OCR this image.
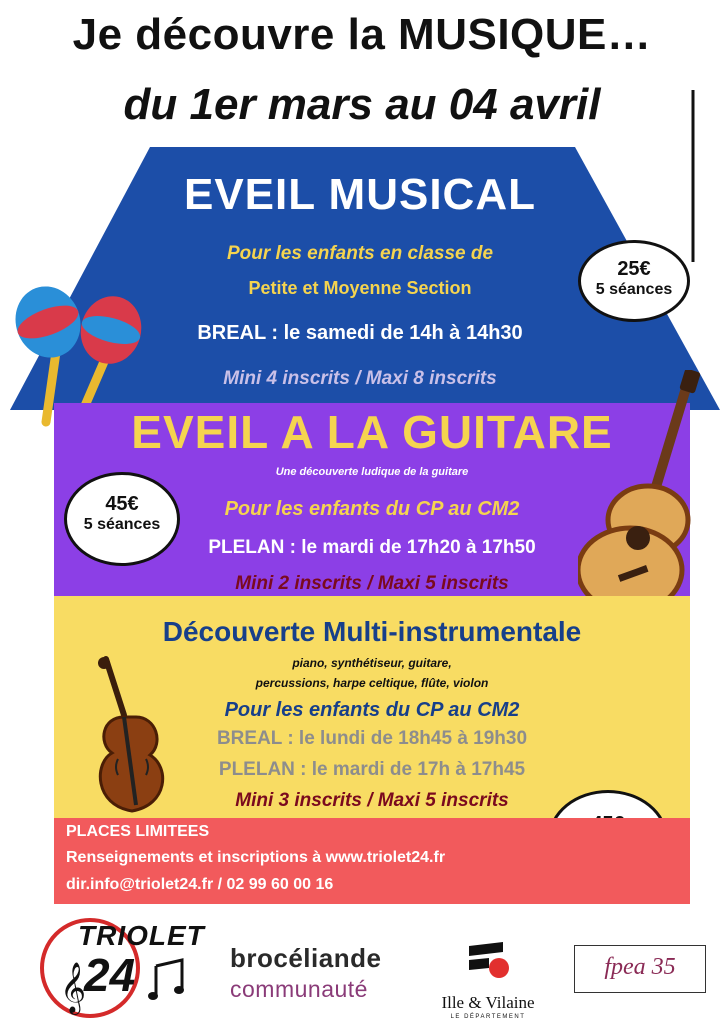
Je découvre la MUSIQUE…
du 1er mars au 04 avril
EVEIL MUSICAL
Pour les enfants en classe de
Petite et Moyenne Section
BREAL : le samedi de 14h à 14h30
Mini 4 inscrits / Maxi 8 inscrits
25€
5 séances
EVEIL A LA GUITARE
Une découverte ludique de la guitare
Pour les enfants du CP au CM2
PLELAN : le mardi de 17h20 à 17h50
Mini 2 inscrits / Maxi 5 inscrits
45€
5 séances
Découverte Multi-instrumentale
piano, synthétiseur, guitare,
percussions, harpe celtique, flûte, violon
Pour les enfants du CP au CM2
BREAL : le lundi de 18h45 à 19h30
PLELAN : le mardi de 17h à 17h45
Mini 3 inscrits / Maxi 5 inscrits
PLACES LIMITEES
Renseignements et inscriptions à www.triolet24.fr
dir.info@triolet24.fr / 02 99 60 00 16
𝄞
TRIOLET
24	brocéliande
communauté
Ille & Vilaine
LE DÉPARTEMENT
fpea 35
